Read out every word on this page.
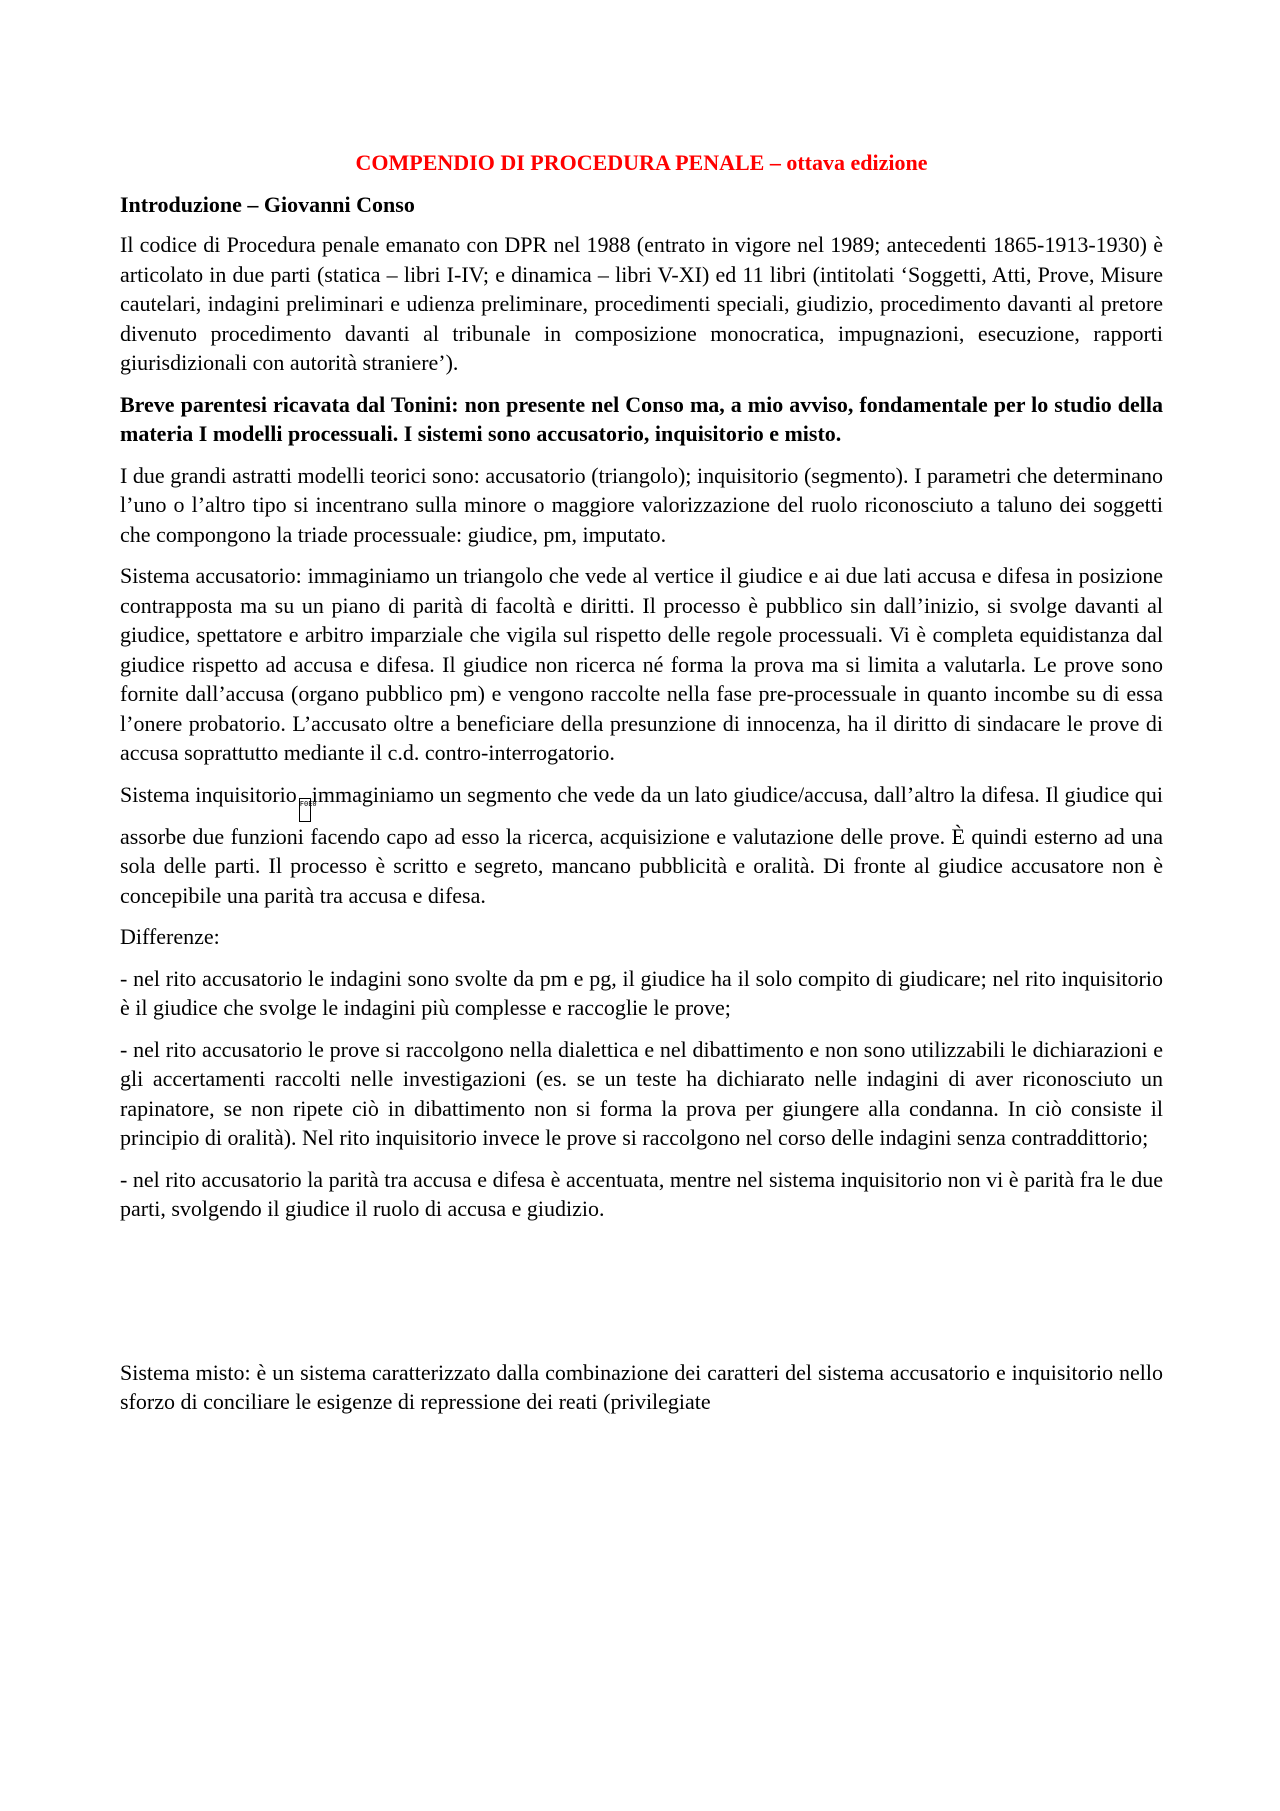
COMPENDIO DI PROCEDURA PENALE – ottava edizione
Introduzione – Giovanni Conso

Il codice di Procedura penale emanato con DPR nel 1988 (entrato in vigore nel 1989; antecedenti 1865-1913-1930) è articolato in due parti (statica – libri I-IV; e dinamica – libri V-XI) ed 11 libri (intitolati ‘Soggetti, Atti, Prove, Misure cautelari, indagini preliminari e udienza preliminare, procedimenti speciali, giudizio, procedimento davanti al pretore divenuto procedimento davanti al tribunale in composizione monocratica, impugnazioni, esecuzione, rapporti giurisdizionali con autorità straniere’).

Breve parentesi ricavata dal Tonini: non presente nel Conso ma, a mio avviso, fondamentale per lo studio della materia I modelli processuali. I sistemi sono accusatorio, inquisitorio e misto.

I due grandi astratti modelli teorici sono: accusatorio (triangolo); inquisitorio (segmento). I parametri che determinano l’uno o l’altro tipo si incentrano sulla minore o maggiore valorizzazione del ruolo riconosciuto a taluno dei soggetti che compongono la triade processuale: giudice, pm, imputato.

Sistema accusatorio: immaginiamo un triangolo che vede al vertice il giudice e ai due lati accusa e difesa in posizione contrapposta ma su un piano di parità di facoltà e diritti. Il processo è pubblico sin dall’inizio, si svolge davanti al giudice, spettatore e arbitro imparziale che vigila sul rispetto delle regole processuali. Vi è completa equidistanza dal giudice rispetto ad accusa e difesa. Il giudice non ricerca né forma la prova ma si limita a valutarla. Le prove sono fornite dall’accusa (organo pubblico pm) e vengono raccolte nella fase pre-processuale in quanto incombe su di essa l’onere probatorio. L’accusato oltre a beneficiare della presunzione di innocenza, ha il diritto di sindacare le prove di accusa soprattutto mediante il c.d. contro-interrogatorio.

Sistema inquisitorio F0E0immaginiamo un segmento che vede da un lato giudice/accusa, dall’altro la difesa. Il giudice qui assorbe due funzioni facendo capo ad esso la ricerca, acquisizione e valutazione delle prove. È quindi esterno ad una sola delle parti. Il processo è scritto e segreto, mancano pubblicità e oralità. Di fronte al giudice accusatore non è concepibile una parità tra accusa e difesa.

Differenze:

- nel rito accusatorio le indagini sono svolte da pm e pg, il giudice ha il solo compito di giudicare; nel rito inquisitorio è il giudice che svolge le indagini più complesse e raccoglie le prove;

- nel rito accusatorio le prove si raccolgono nella dialettica e nel dibattimento e non sono utilizzabili le dichiarazioni e gli accertamenti raccolti nelle investigazioni (es. se un teste ha dichiarato nelle indagini di aver riconosciuto un rapinatore, se non ripete ciò in dibattimento non si forma la prova per giungere alla condanna. In ciò consiste il principio di oralità). Nel rito inquisitorio invece le prove si raccolgono nel corso delle indagini senza contraddittorio;

- nel rito accusatorio la parità tra accusa e difesa è accentuata, mentre nel sistema inquisitorio non vi è parità fra le due parti, svolgendo il giudice il ruolo di accusa e giudizio.

Sistema misto: è un sistema caratterizzato dalla combinazione dei caratteri del sistema accusatorio e inquisitorio nello sforzo di conciliare le esigenze di repressione dei reati (privilegiate
